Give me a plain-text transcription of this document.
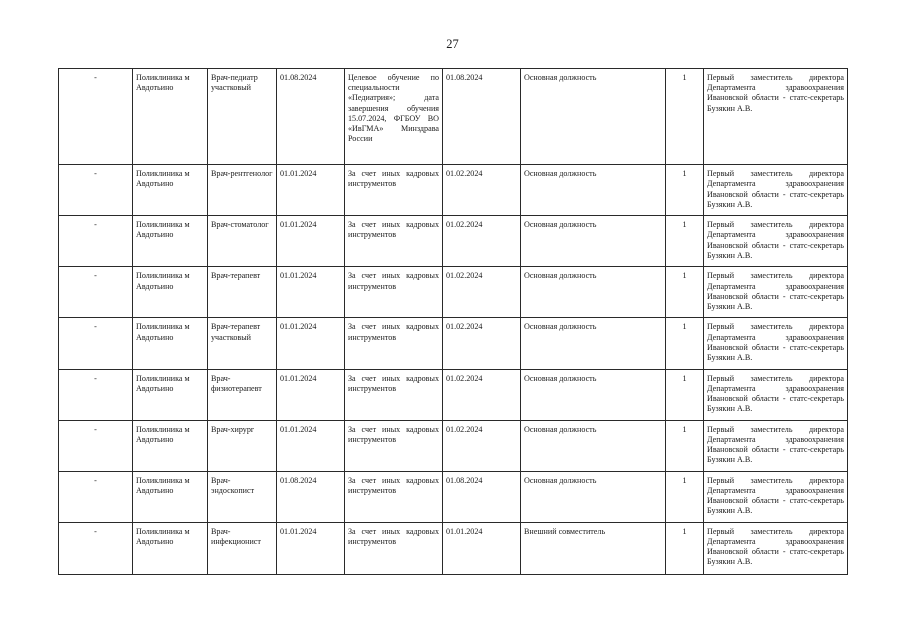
27
-	Поликлиника м Авдотьино	Врач-педиатр участковый	01.08.2024	Целевое обучение по специальности «Педиатрия»; дата завершения обучения 15.07.2024, ФГБОУ ВО «ИвГМА» Минздрава России	01.08.2024	Основная должность	1	Первый заместитель директора Департамента здравоохранения Ивановской области - статс-секретарь Бузякин А.В.
-	Поликлиника м Авдотьино	Врач-рентгенолог	01.01.2024	За счет иных кадровых инструментов	01.02.2024	Основная должность	1	Первый заместитель директора Департамента здравоохранения Ивановской области - статс-секретарь Бузякин А.В.
-	Поликлиника м Авдотьино	Врач-стоматолог	01.01.2024	За счет иных кадровых инструментов	01.02.2024	Основная должность	1	Первый заместитель директора Департамента здравоохранения Ивановской области - статс-секретарь Бузякин А.В.
-	Поликлиника м Авдотьино	Врач-терапевт	01.01.2024	За счет иных кадровых инструментов	01.02.2024	Основная должность	1	Первый заместитель директора Департамента здравоохранения Ивановской области - статс-секретарь Бузякин А.В.
-	Поликлиника м Авдотьино	Врач-терапевт участковый	01.01.2024	За счет иных кадровых инструментов	01.02.2024	Основная должность	1	Первый заместитель директора Департамента здравоохранения Ивановской области - статс-секретарь Бузякин А.В.
-	Поликлиника м Авдотьино	Врач-физиотерапевт	01.01.2024	За счет иных кадровых инструментов	01.02.2024	Основная должность	1	Первый заместитель директора Департамента здравоохранения Ивановской области - статс-секретарь Бузякин А.В.
-	Поликлиника м Авдотьино	Врач-хирург	01.01.2024	За счет иных кадровых инструментов	01.02.2024	Основная должность	1	Первый заместитель директора Департамента здравоохранения Ивановской области - статс-секретарь Бузякин А.В.
-	Поликлиника м Авдотьино	Врач-эндоскопист	01.08.2024	За счет иных кадровых инструментов	01.08.2024	Основная должность	1	Первый заместитель директора Департамента здравоохранения Ивановской области - статс-секретарь Бузякин А.В.
-	Поликлиника м Авдотьино	Врач-инфекционист	01.01.2024	За счет иных кадровых инструментов	01.01.2024	Внешний совместитель	1	Первый заместитель директора Департамента здравоохранения Ивановской области - статс-секретарь Бузякин А.В.
